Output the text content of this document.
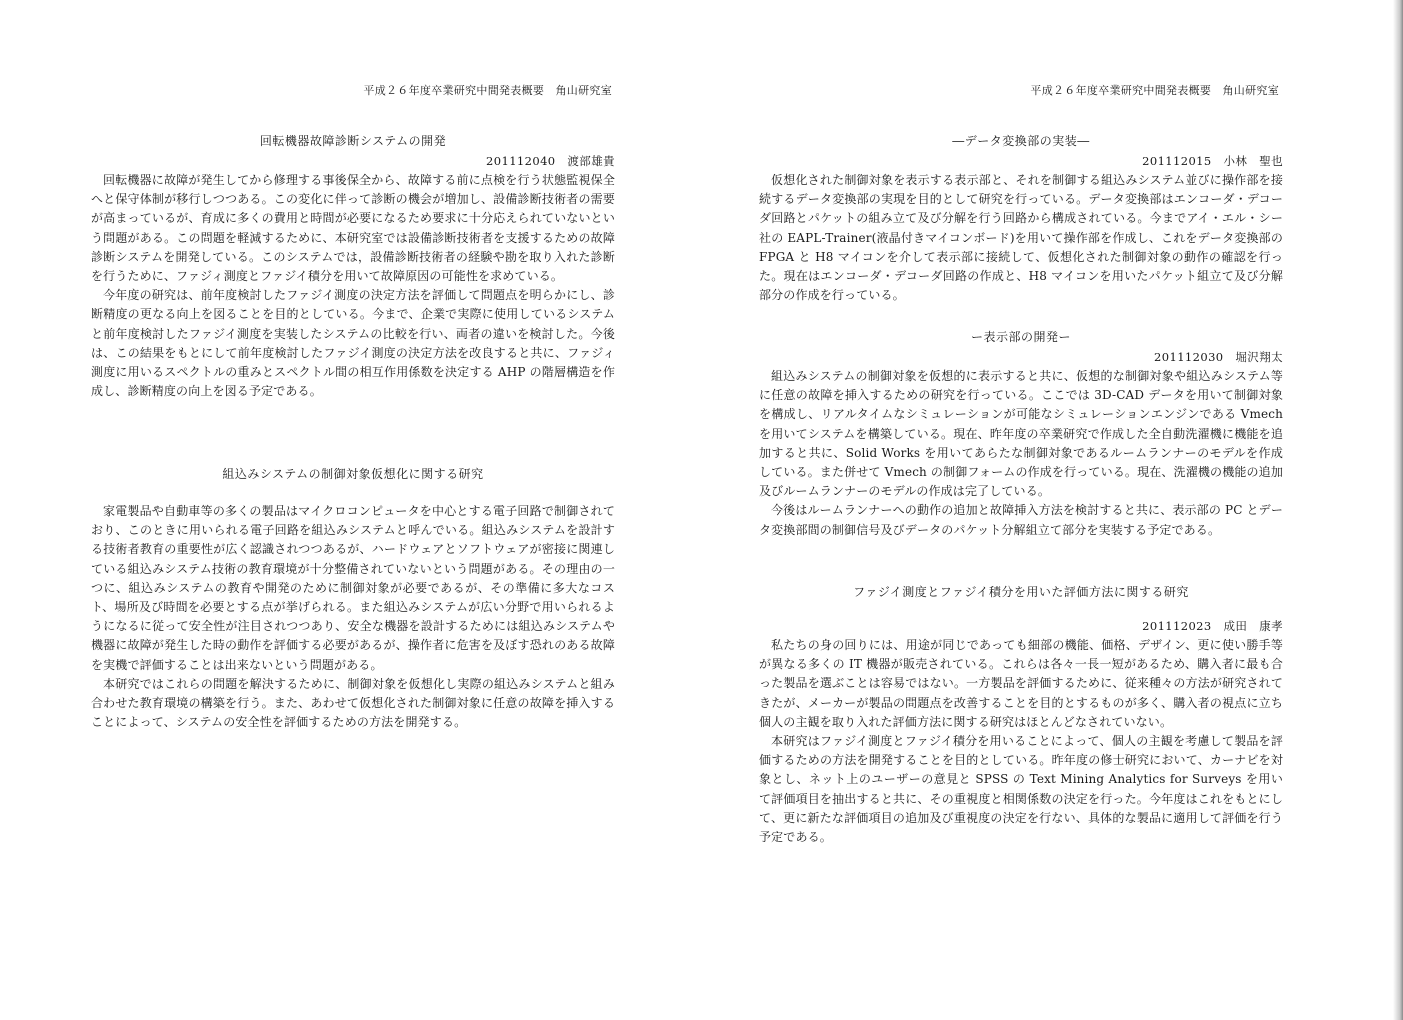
平成２６年度卒業研究中間発表概要　角山研究室

回転機器故障診断システムの開発

201112040　渡部雄貴

回転機器に故障が発生してから修理する事後保全から、故障する前に点検を行う状態監視保全へと保守体制が移行しつつある。この変化に伴って診断の機会が増加し、設備診断技術者の需要が高まっているが、育成に多くの費用と時間が必要になるため要求に十分応えられていないという問題がある。この問題を軽減するために、本研究室では設備診断技術者を支援するための故障診断システムを開発している。このシステムでは，設備診断技術者の経験や勘を取り入れた診断を行うために、ファジィ測度とファジイ積分を用いて故障原因の可能性を求めている。

今年度の研究は、前年度検討したファジイ測度の決定方法を評価して問題点を明らかにし、診断精度の更なる向上を図ることを目的としている。今まで、企業で実際に使用しているシステムと前年度検討したファジイ測度を実装したシステムの比較を行い、両者の違いを検討した。今後は、この結果をもとにして前年度検討したファジイ測度の決定方法を改良すると共に、ファジィ測度に用いるスペクトルの重みとスペクトル間の相互作用係数を決定する AHP の階層構造を作成し、診断精度の向上を図る予定である。

組込みシステムの制御対象仮想化に関する研究

家電製品や自動車等の多くの製品はマイクロコンピュータを中心とする電子回路で制御されており、このときに用いられる電子回路を組込みシステムと呼んでいる。組込みシステムを設計する技術者教育の重要性が広く認識されつつあるが、ハードウェアとソフトウェアが密接に関連している組込みシステム技術の教育環境が十分整備されていないという問題がある。その理由の一つに、組込みシステムの教育や開発のために制御対象が必要であるが、その準備に多大なコスト、場所及び時間を必要とする点が挙げられる。また組込みシステムが広い分野で用いられるようになるに従って安全性が注目されつつあり、安全な機器を設計するためには組込みシステムや機器に故障が発生した時の動作を評価する必要があるが、操作者に危害を及ぼす恐れのある故障を実機で評価することは出来ないという問題がある。

本研究ではこれらの問題を解決するために、制御対象を仮想化し実際の組込みシステムと組み合わせた教育環境の構築を行う。また、あわせて仮想化された制御対象に任意の故障を挿入することによって、システムの安全性を評価するための方法を開発する。

平成２６年度卒業研究中間発表概要　角山研究室

―データ変換部の実装―

201112015　小林　聖也

仮想化された制御対象を表示する表示部と、それを制御する組込みシステム並びに操作部を接続するデータ変換部の実現を目的として研究を行っている。データ変換部はエンコーダ・デコーダ回路とパケットの組み立て及び分解を行う回路から構成されている。今までアイ・エル・シー社の EAPL-Trainer(液晶付きマイコンボード)を用いて操作部を作成し、これをデータ変換部の FPGA と H8 マイコンを介して表示部に接続して、仮想化された制御対象の動作の確認を行った。現在はエンコーダ・デコーダ回路の作成と、H8 マイコンを用いたパケット組立て及び分解部分の作成を行っている。

ー表示部の開発ー

201112030　堀沢翔太

組込みシステムの制御対象を仮想的に表示すると共に、仮想的な制御対象や組込みシステム等に任意の故障を挿入するための研究を行っている。ここでは 3D-CAD データを用いて制御対象を構成し、リアルタイムなシミュレーションが可能なシミュレーションエンジンである Vmech を用いてシステムを構築している。現在、昨年度の卒業研究で作成した全自動洗濯機に機能を追加すると共に、Solid Works を用いてあらたな制御対象であるルームランナーのモデルを作成している。また併せて Vmech の制御フォームの作成を行っている。現在、洗濯機の機能の追加及びルームランナーのモデルの作成は完了している。

今後はルームランナーへの動作の追加と故障挿入方法を検討すると共に、表示部の PC とデータ変換部間の制御信号及びデータのパケット分解組立て部分を実装する予定である。

ファジイ測度とファジイ積分を用いた評価方法に関する研究

201112023　成田　康孝

私たちの身の回りには、用途が同じであっても細部の機能、価格、デザイン、更に使い勝手等が異なる多くの IT 機器が販売されている。これらは各々一長一短があるため、購入者に最も合った製品を選ぶことは容易ではない。一方製品を評価するために、従来種々の方法が研究されてきたが、メーカーが製品の問題点を改善することを目的とするものが多く、購入者の視点に立ち個人の主観を取り入れた評価方法に関する研究はほとんどなされていない。

本研究はファジイ測度とファジイ積分を用いることによって、個人の主観を考慮して製品を評価するための方法を開発することを目的としている。昨年度の修士研究において、カーナビを対象とし、ネット上のユーザーの意見と SPSS の Text Mining Analytics for Surveys を用いて評価項目を抽出すると共に、その重視度と相関係数の決定を行った。今年度はこれをもとにして、更に新たな評価項目の追加及び重視度の決定を行ない、具体的な製品に適用して評価を行う予定である。
